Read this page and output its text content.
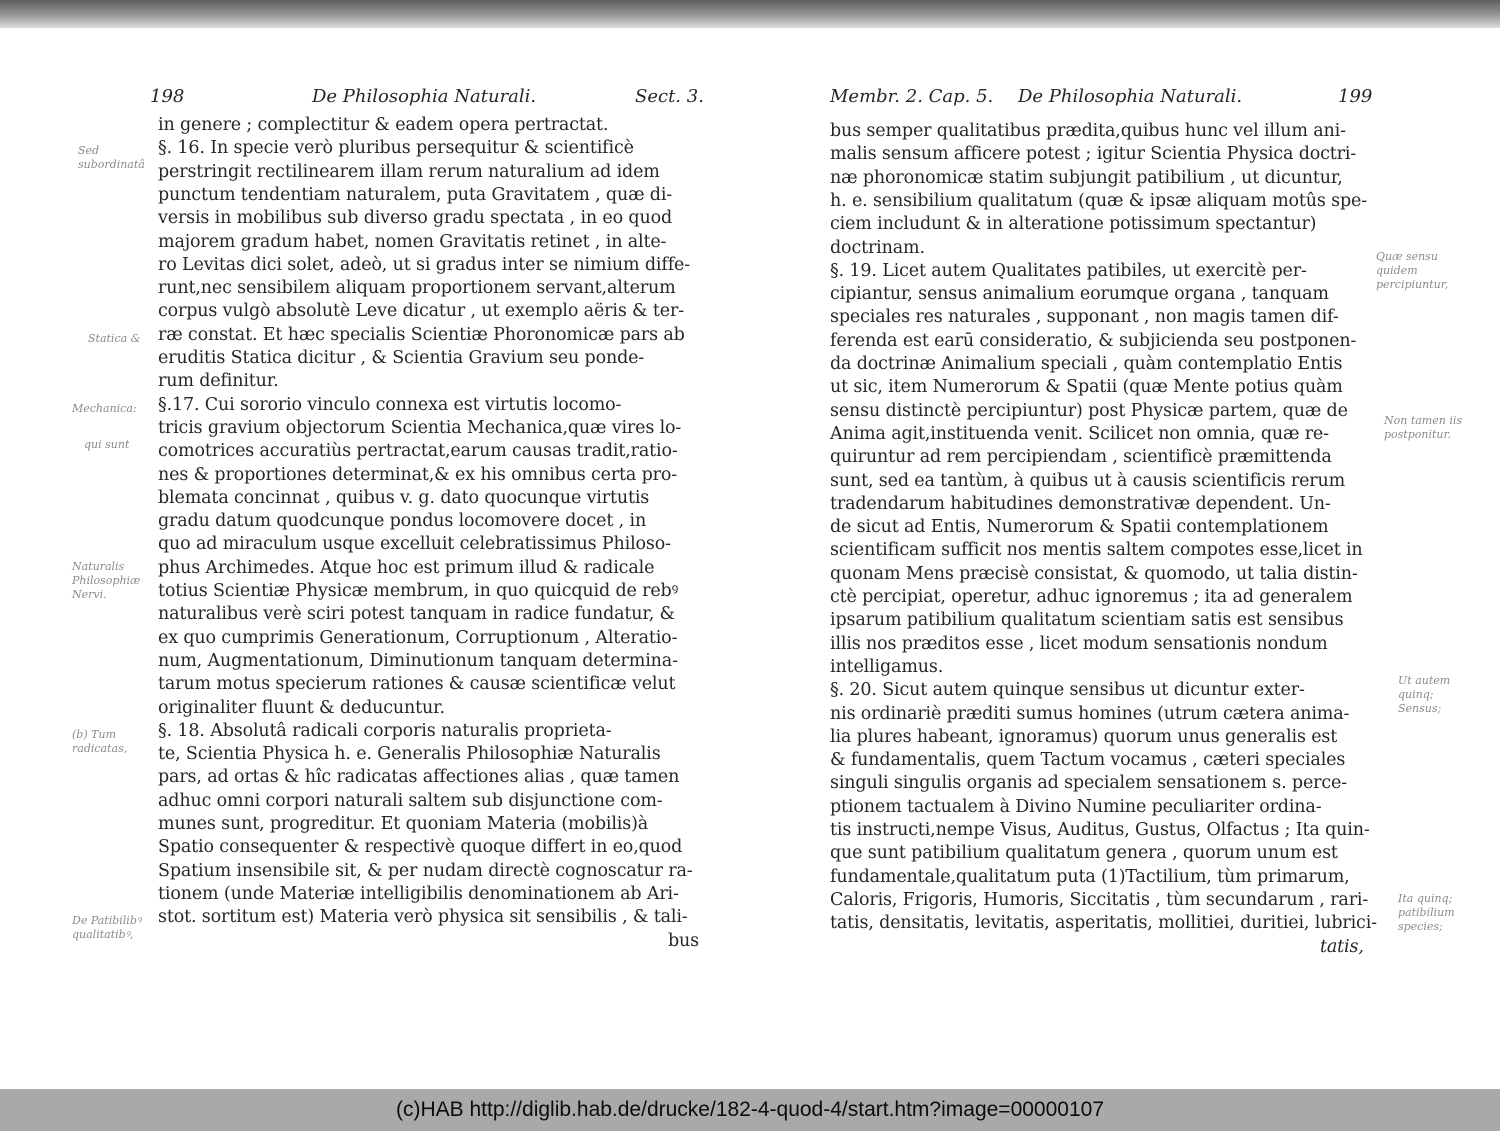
198	De Philosophia Naturali.	Sect. 3.
in genere ; complectitur & eadem opera pertractat.
§. 16. In specie verò pluribus persequitur & scientificè
perstringit rectilinearem illam rerum naturalium ad idem
punctum tendentiam naturalem, puta Gravitatem , quæ di-
versis in mobilibus sub diverso gradu spectata , in eo quod
majorem gradum habet, nomen Gravitatis retinet , in alte-
ro Levitas dici solet, adeò, ut si gradus inter se nimium diffe-
runt,nec sensibilem aliquam proportionem servant,alterum
corpus vulgò absolutè Leve dicatur , ut exemplo aëris & ter-
ræ constat. Et hæc specialis Scientiæ Phoronomicæ pars ab
eruditis Statica dicitur , & Scientia Gravium seu ponde-
rum definitur.
§.17. Cui sororio vinculo connexa est virtutis locomo-
tricis gravium objectorum Scientia Mechanica,quæ vires lo-
comotrices accuratiùs pertractat,earum causas tradit,ratio-
nes & proportiones determinat,& ex his omnibus certa pro-
blemata concinnat , quibus v. g. dato quocunque virtutis
gradu datum quodcunque pondus locomovere docet , in
quo ad miraculum usque excelluit celebratissimus Philoso-
phus Archimedes. Atque hoc est primum illud & radicale
totius Scientiæ Physicæ membrum, in quo quicquid de rebꝰ
naturalibus verè sciri potest tanquam in radice fundatur, &
ex quo cumprimis Generationum, Corruptionum , Alteratio-
num, Augmentationum, Diminutionum tanquam determina-
tarum motus specierum rationes & causæ scientificæ velut
originaliter fluunt & deducuntur.
§. 18. Absolutâ radicali corporis naturalis proprieta-
te, Scientia Physica h. e. Generalis Philosophiæ Naturalis
pars, ad ortas & hîc radicatas affectiones alias , quæ tamen
adhuc omni corpori naturali saltem sub disjunctione com-
munes sunt, progreditur. Et quoniam Materia (mobilis)à
Spatio consequenter & respectivè quoque differt in eo,quod
Spatium insensibile sit, & per nudam directè cognoscatur ra-
tionem (unde Materiæ intelligibilis denominationem ab Ari-
stot. sortitum est) Materia verò physica sit sensibilis , & tali-
bus
Sed subordinatâ
Statica &
Mechanica:
qui sunt
Naturalis Philosophiæ Nervi.
(b) Tum radicatas,
De Patibilibꝰ qualitatibꝰ,
Membr. 2. Cap. 5. De Philosophia Naturali.	199
bus semper qualitatibus prædita,quibus hunc vel illum ani-
malis sensum afficere potest ; igitur Scientia Physica doctri-
næ phoronomicæ statim subjungit patibilium , ut dicuntur,
h. e. sensibilium qualitatum (quæ & ipsæ aliquam motûs spe-
ciem includunt & in alteratione potissimum spectantur)
doctrinam.
§. 19. Licet autem Qualitates patibiles, ut exercitè per-
cipiantur, sensus animalium eorumque organa , tanquam
speciales res naturales , supponant , non magis tamen dif-
ferenda est earū consideratio, & subjicienda seu postponen-
da doctrinæ Animalium speciali , quàm contemplatio Entis
ut sic, item Numerorum & Spatii (quæ Mente potius quàm
sensu distinctè percipiuntur) post Physicæ partem, quæ de
Anima agit,instituenda venit. Scilicet non omnia, quæ re-
quiruntur ad rem percipiendam , scientificè præmittenda
sunt, sed ea tantùm, à quibus ut à causis scientificis rerum
tradendarum habitudines demonstrativæ dependent. Un-
de sicut ad Entis, Numerorum & Spatii contemplationem
scientificam sufficit nos mentis saltem compotes esse,licet in
quonam Mens præcisè consistat, & quomodo, ut talia distin-
ctè percipiat, operetur, adhuc ignoremus ; ita ad generalem
ipsarum patibilium qualitatum scientiam satis est sensibus
illis nos præditos esse , licet modum sensationis nondum
intelligamus.
§. 20. Sicut autem quinque sensibus ut dicuntur exter-
nis ordinariè præditi sumus homines (utrum cætera anima-
lia plures habeant, ignoramus) quorum unus generalis est
& fundamentalis, quem Tactum vocamus , cæteri speciales
singuli singulis organis ad specialem sensationem s. perce-
ptionem tactualem à Divino Numine peculiariter ordina-
tis instructi,nempe Visus, Auditus, Gustus, Olfactus ; Ita quin-
que sunt patibilium qualitatum genera , quorum unum est
fundamentale,qualitatum puta (1)Tactilium, tùm primarum,
Caloris, Frigoris, Humoris, Siccitatis , tùm secundarum , rari-
tatis, densitatis, levitatis, asperitatis, mollitiei, duritiei, lubrici-
tatis,
Quæ sensu quidem percipiuntur,
Non tamen iis postponitur.
Ut autem quinq; Sensus;
Ita quinq; patibilium species;
(c)HAB http://diglib.hab.de/drucke/182-4-quod-4/start.htm?image=00000107
